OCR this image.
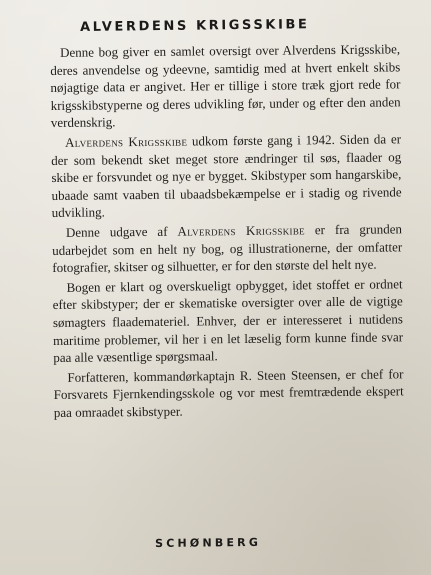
ALVERDENS KRIGSSKIBE

Denne bog giver en samlet oversigt over Alverdens Krigsskibe, deres anvendelse og ydeevne, samtidig med at hvert enkelt skibs nøjagtige data er angivet. Her er tillige i store træk gjort rede for krigsskibstyperne og deres udvikling før, under og efter den anden verdenskrig.

Alverdens Krigsskibe udkom første gang i 1942. Siden da er der som bekendt sket meget store ændringer til søs, flaader og skibe er forsvundet og nye er bygget. Skibstyper som hangarskibe, ubaade samt vaaben til ubaadsbekæmpelse er i stadig og rivende udvikling.

Denne udgave af Alverdens Krigsskibe er fra grunden udarbejdet som en helt ny bog, og illustrationerne, der omfatter fotografier, skitser og silhuetter, er for den største del helt nye.

Bogen er klart og overskueligt opbygget, idet stoffet er ordnet efter skibstyper; der er skematiske oversigter over alle de vigtige sømagters flaademateriel. Enhver, der er interesseret i nutidens maritime problemer, vil her i en let læselig form kunne finde svar paa alle væsentlige spørgsmaal.

Forfatteren, kommandørkaptajn R. Steen Steensen, er chef for Forsvarets Fjernkendingsskole og vor mest fremtrædende ekspert paa omraadet skibstyper.

SCHØNBERG
